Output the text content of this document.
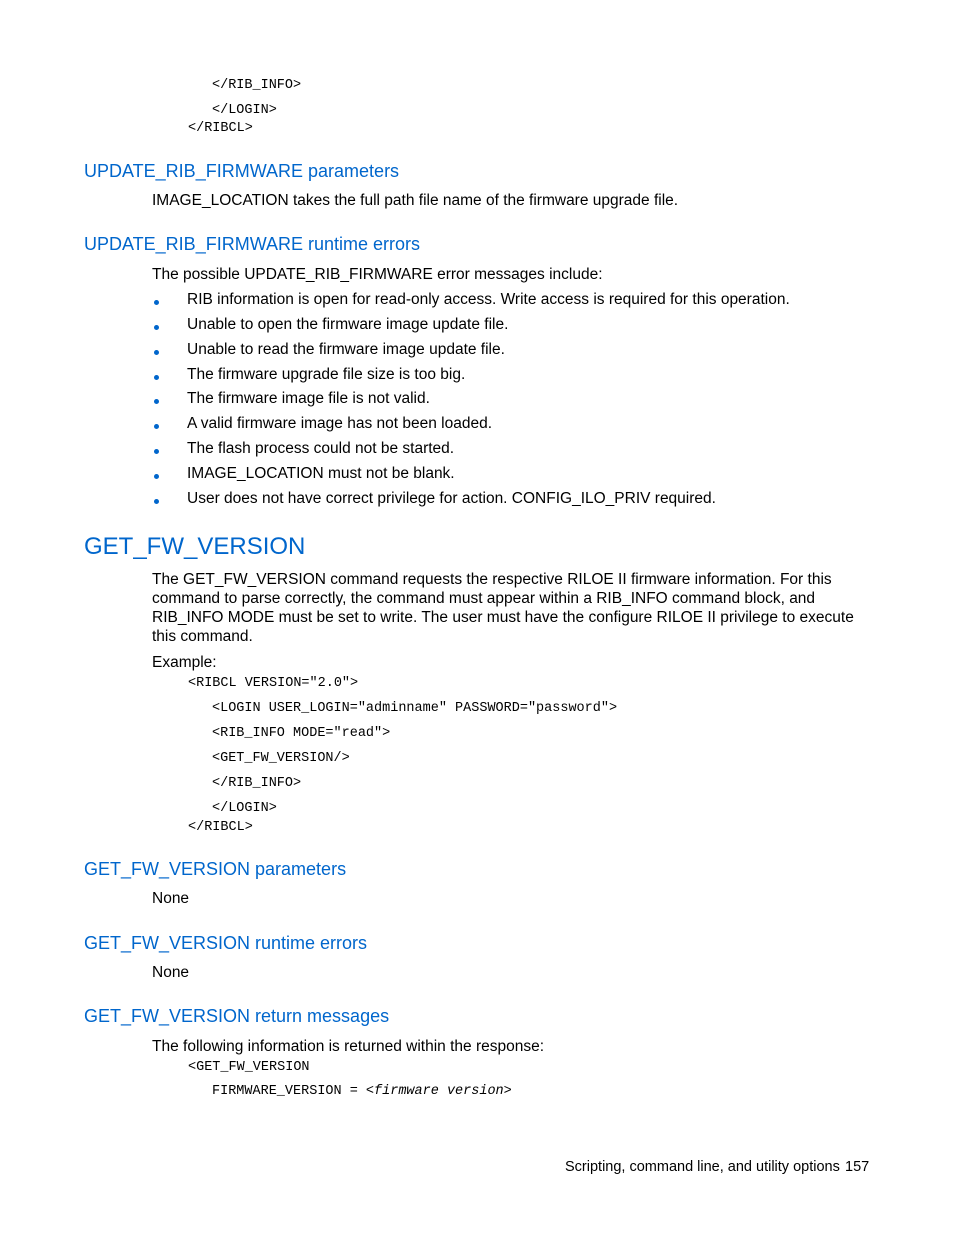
</RIB_INFO>
</LOGIN>
</RIBCL>
UPDATE_RIB_FIRMWARE parameters
IMAGE_LOCATION takes the full path file name of the firmware upgrade file.
UPDATE_RIB_FIRMWARE runtime errors
The possible UPDATE_RIB_FIRMWARE error messages include:
RIB information is open for read-only access. Write access is required for this operation.
Unable to open the firmware image update file.
Unable to read the firmware image update file.
The firmware upgrade file size is too big.
The firmware image file is not valid.
A valid firmware image has not been loaded.
The flash process could not be started.
IMAGE_LOCATION must not be blank.
User does not have correct privilege for action. CONFIG_ILO_PRIV required.
GET_FW_VERSION
The GET_FW_VERSION command requests the respective RILOE II firmware information. For this command to parse correctly, the command must appear within a RIB_INFO command block, and RIB_INFO MODE must be set to write. The user must have the configure RILOE II privilege to execute this command.
Example:
<RIBCL VERSION="2.0">
<LOGIN USER_LOGIN="adminname" PASSWORD="password">
<RIB_INFO MODE="read">
<GET_FW_VERSION/>
</RIB_INFO>
</LOGIN>
</RIBCL>
GET_FW_VERSION parameters
None
GET_FW_VERSION runtime errors
None
GET_FW_VERSION return messages
The following information is returned within the response:
<GET_FW_VERSION
FIRMWARE_VERSION = <firmware version>
Scripting, command line, and utility options 157
